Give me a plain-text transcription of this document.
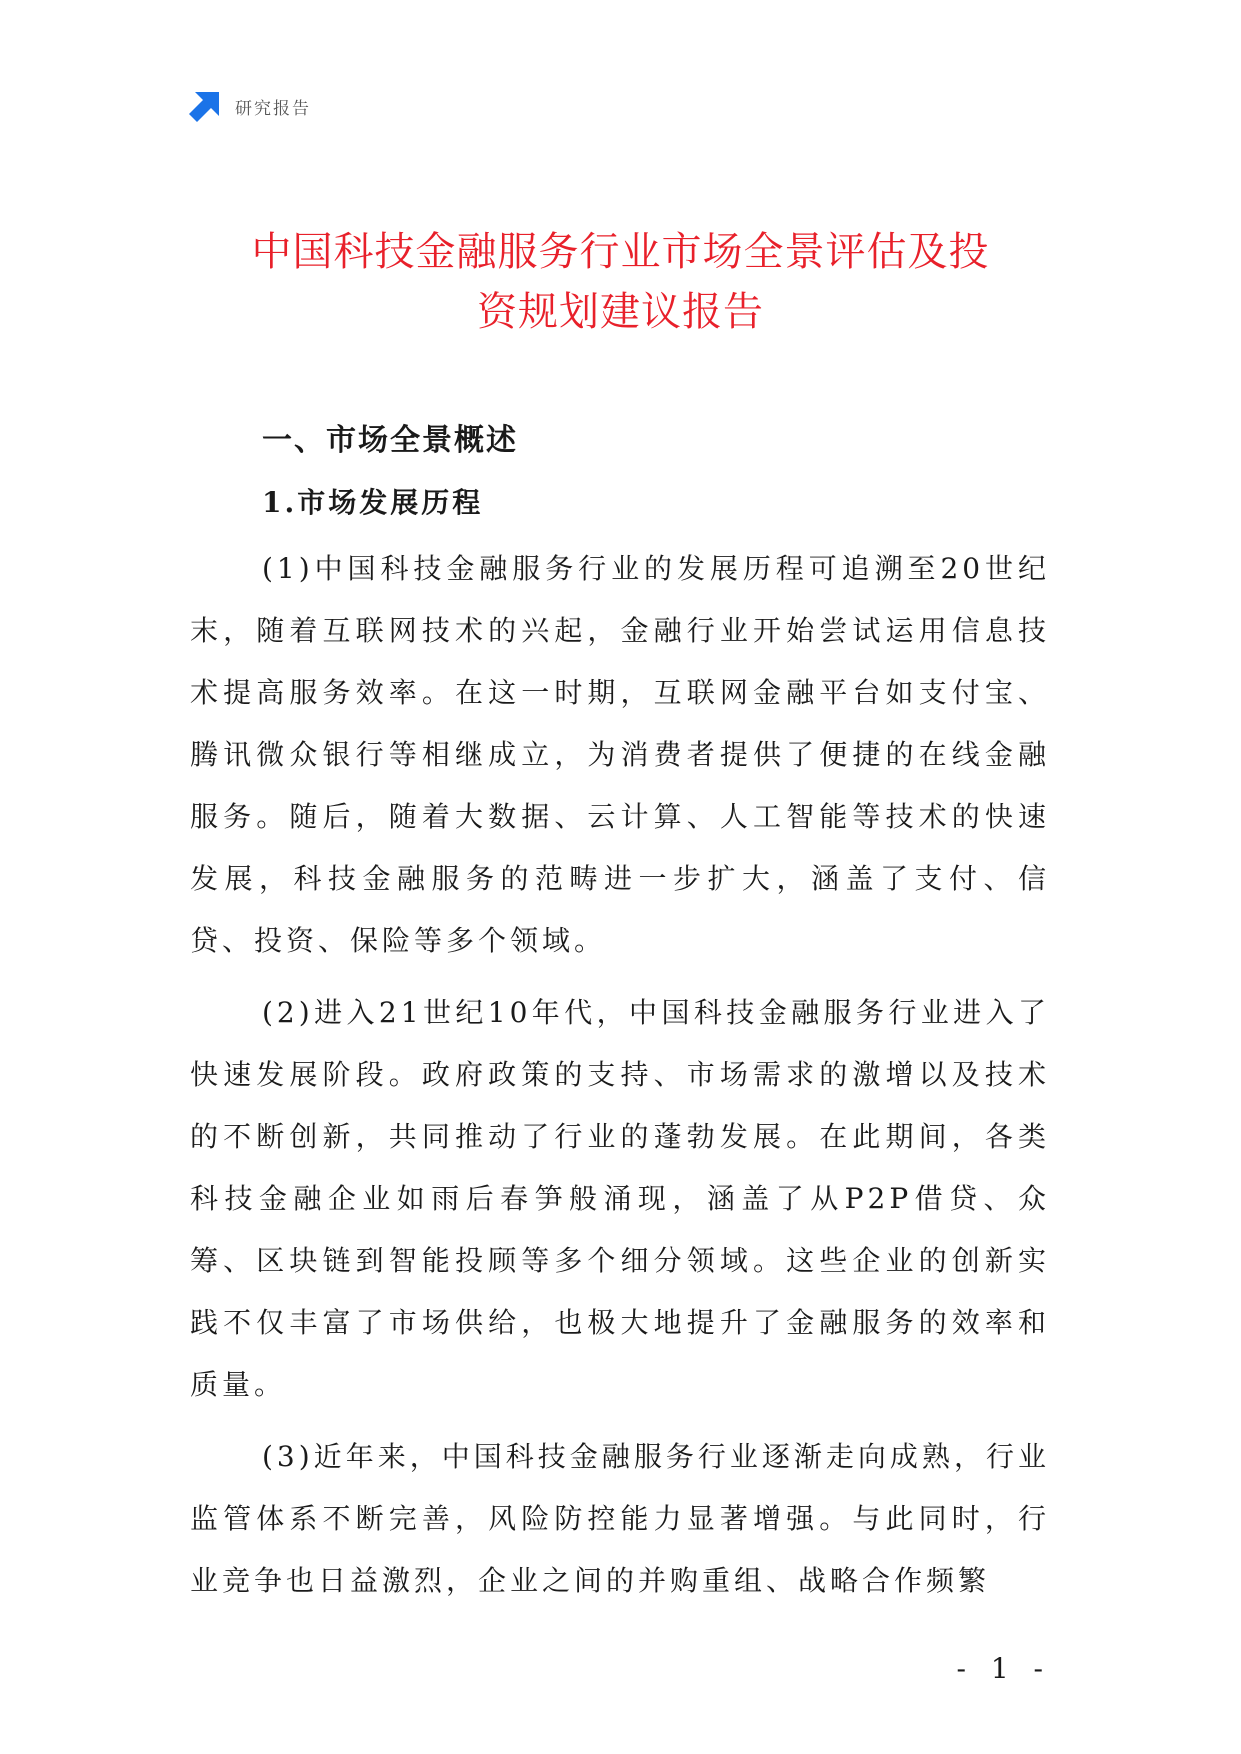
研究报告
中国科技金融服务行业市场全景评估及投
资规划建议报告
一、市场全景概述
1.市场发展历程

(1)中国科技金融服务行业的发展历程可追溯至20世纪末，随着互联网技术的兴起，金融行业开始尝试运用信息技术提高服务效率。在这一时期，互联网金融平台如支付宝、腾讯微众银行等相继成立，为消费者提供了便捷的在线金融服务。随后，随着大数据、云计算、人工智能等技术的快速发展，科技金融服务的范畴进一步扩大，涵盖了支付、信贷、投资、保险等多个领域。

(2)进入21世纪10年代，中国科技金融服务行业进入了快速发展阶段。政府政策的支持、市场需求的激增以及技术的不断创新，共同推动了行业的蓬勃发展。在此期间，各类科技金融企业如雨后春笋般涌现，涵盖了从P2P借贷、众筹、区块链到智能投顾等多个细分领域。这些企业的创新实践不仅丰富了市场供给，也极大地提升了金融服务的效率和质量。

(3)近年来，中国科技金融服务行业逐渐走向成熟，行业监管体系不断完善，风险防控能力显著增强。与此同时，行业竞争也日益激烈，企业之间的并购重组、战略合作频繁

- 1 -
